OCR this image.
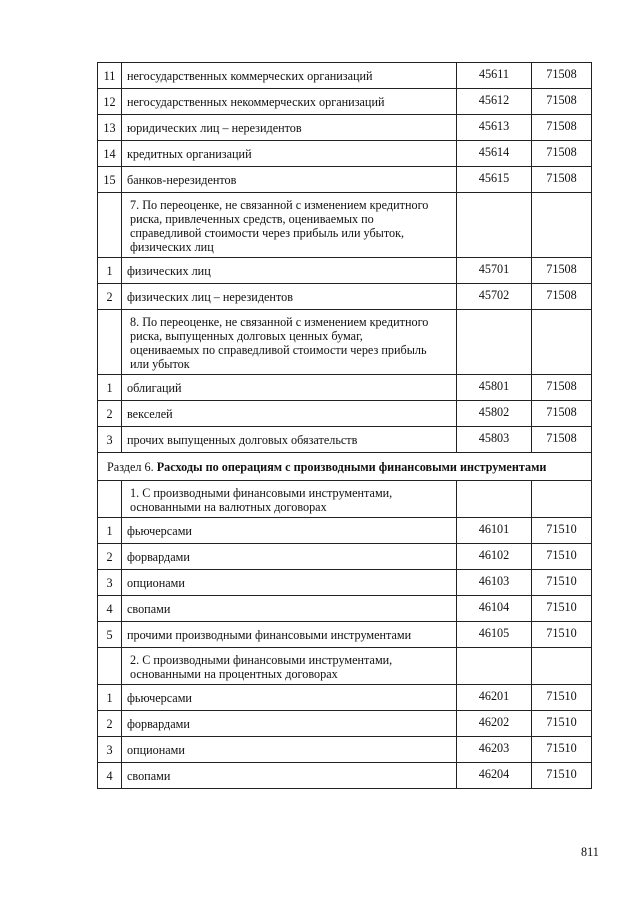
11	негосударственных коммерческих организаций	45611	71508
12	негосударственных некоммерческих организаций	45612	71508
13	юридических лиц – нерезидентов	45613	71508
14	кредитных организаций	45614	71508
15	банков-нерезидентов	45615	71508

	7. По переоценке, не связанной с изменением кредитного
риска, привлеченных средств, оцениваемых по
справедливой стоимости через прибыль или убыток,
физических лиц		

1	физических лиц	45701	71508
2	физических лиц – нерезидентов	45702	71508

	8. По переоценке, не связанной с изменением кредитного
риска, выпущенных долговых ценных бумаг,
оцениваемых по справедливой стоимости через прибыль
или убыток		

1	облигаций	45801	71508
2	векселей	45802	71508
3	прочих выпущенных долговых обязательств	45803	71508
Раздел 6. Расходы по операциям с производными финансовыми инструментами			

	1. С производными финансовыми инструментами,
основанными на валютных договорах		

1	фьючерсами	46101	71510
2	форвардами	46102	71510
3	опционами	46103	71510
4	свопами	46104	71510
5	прочими производными финансовыми инструментами	46105	71510

	2. С производными финансовыми инструментами,
основанными на процентных договорах		

1	фьючерсами	46201	71510
2	форвардами	46202	71510
3	опционами	46203	71510
4	свопами	46204	71510
811
